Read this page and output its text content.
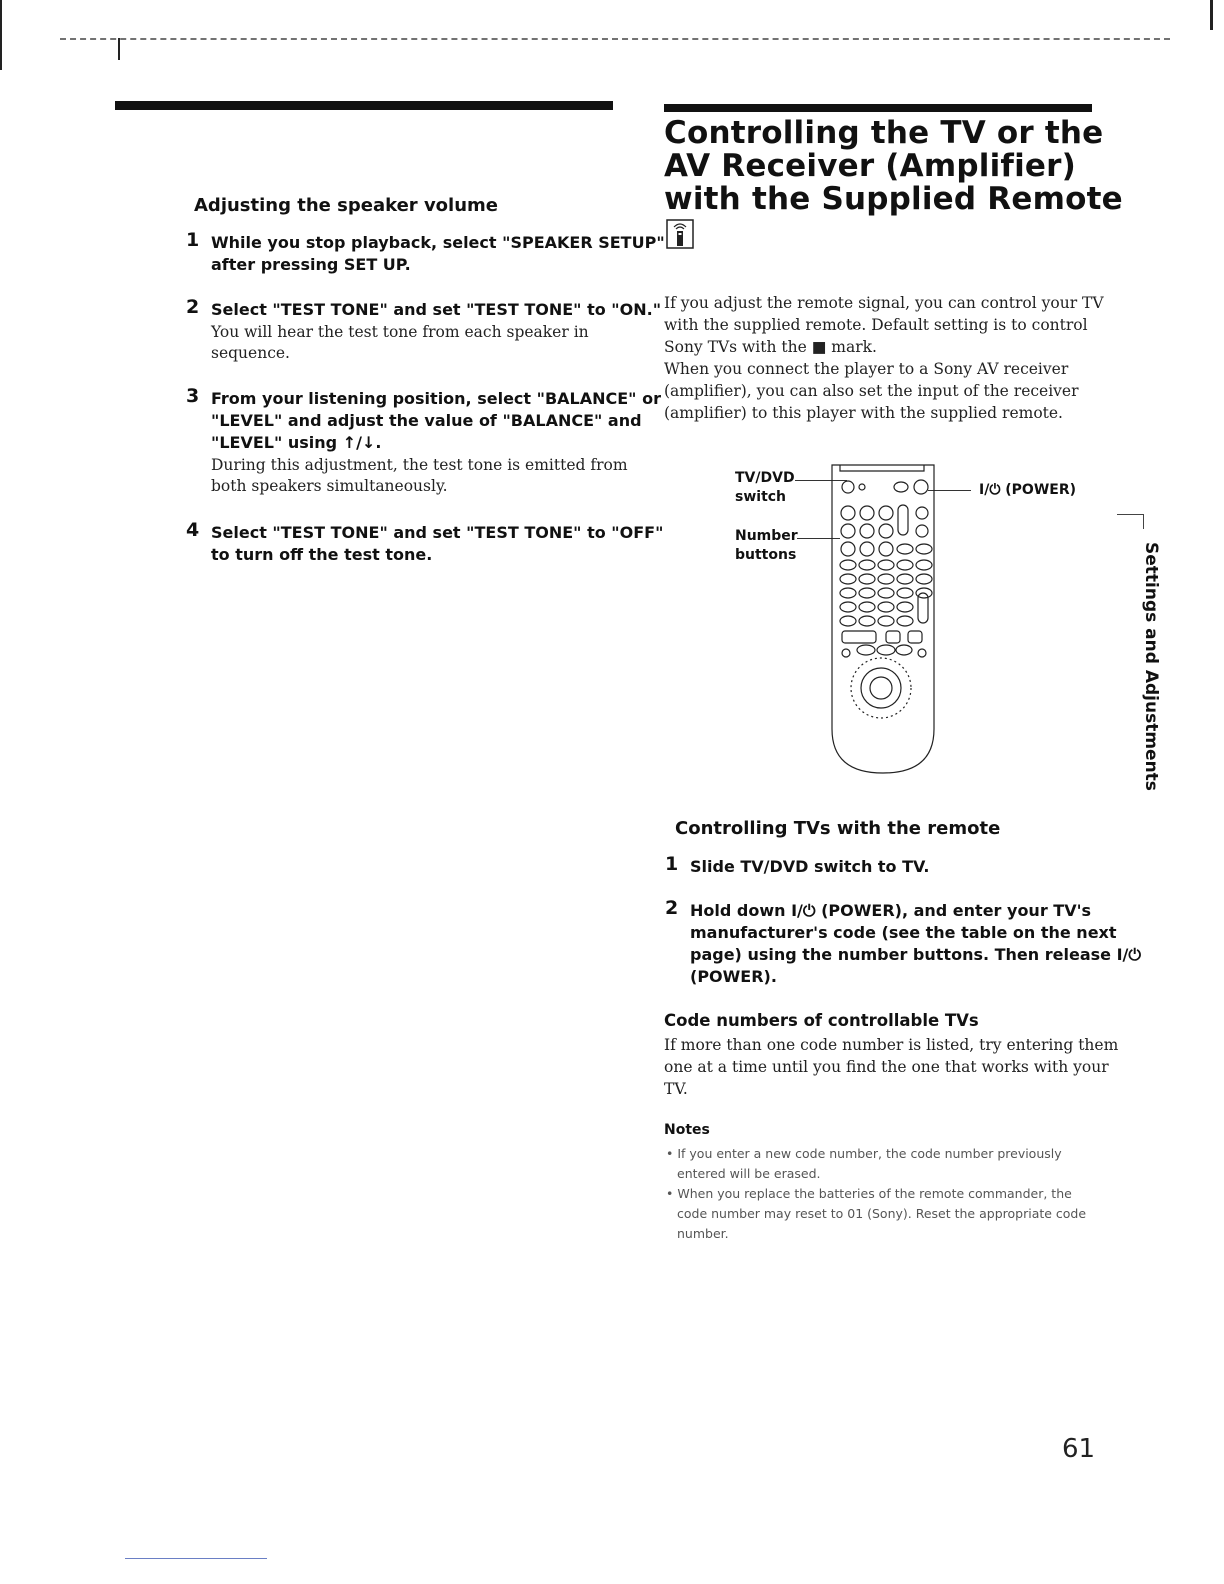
Adjusting the speaker volume
1 While you stop playback, select "SPEAKER SETUP"
after pressing SET UP.
2 Select "TEST TONE" and set "TEST TONE" to "ON."
You will hear the test tone from each speaker in
sequence.
3 From your listening position, select "BALANCE" or
"LEVEL" and adjust the value of "BALANCE" and
"LEVEL" using ↑/↓.
During this adjustment, the test tone is emitted from
both speakers simultaneously.
4 Select "TEST TONE" and set "TEST TONE" to "OFF"
to turn off the test tone.
Controlling the TV or the
AV Receiver (Amplifier)
with the Supplied Remote
If you adjust the remote signal, you can control your TV
with the supplied remote. Default setting is to control
Sony TVs with the ■ mark.
When you connect the player to a Sony AV receiver
(amplifier), you can also set the input of the receiver
(amplifier) to this player with the supplied remote.
TV/DVD
switch
Number
buttons
I/⏻ (POWER)
Controlling TVs with the remote
1 Slide TV/DVD switch to TV.
2 Hold down I/⏻ (POWER), and enter your TV's
manufacturer's code (see the table on the next
page) using the number buttons. Then release I/⏻
(POWER).
Code numbers of controllable TVs
If more than one code number is listed, try entering them
one at a time until you find the one that works with your
TV.
Notes
• If you enter a new code number, the code number previously
entered will be erased.
• When you replace the batteries of the remote commander, the
code number may reset to 01 (Sony). Reset the appropriate code
number.
Settings and Adjustments
61
